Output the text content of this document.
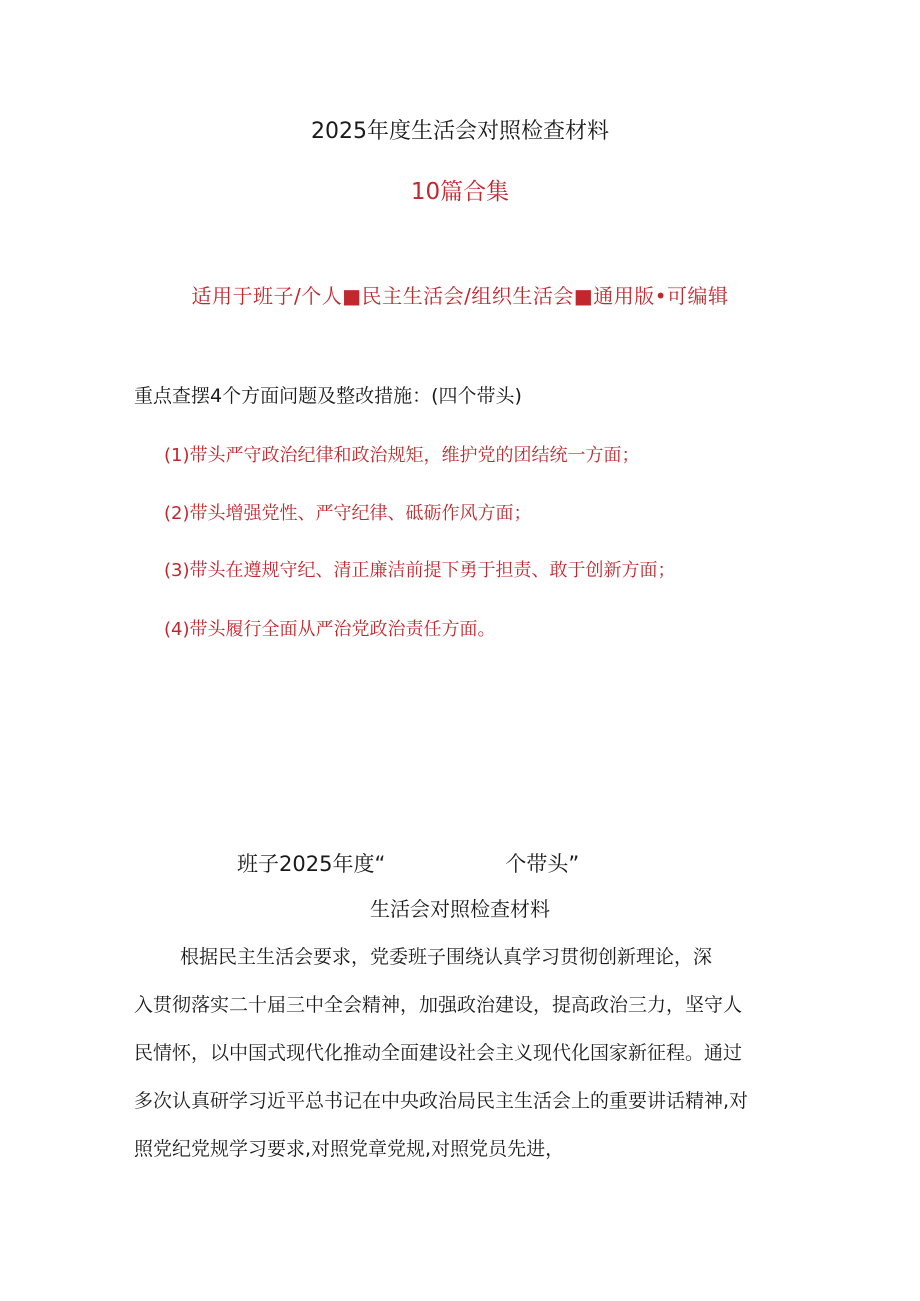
2025年度生活会对照检查材料
10篇合集
适用于班子/个人■民主生活会/组织生活会■通用版•可编辑
重点查摆4个方面问题及整改措施：(四个带头)
(1)带头严守政治纪律和政治规矩，维护党的团结统一方面；
(2)带头增强党性、严守纪律、砥砺作风方面；
(3)带头在遵规守纪、清正廉洁前提下勇于担责、敢于创新方面；
(4)带头履行全面从严治党政治责任方面。
班子2025年度“	个带头”
生活会对照检查材料
根据民主生活会要求，党委班子围绕认真学习贯彻创新理论，深
入贯彻落实二十届三中全会精神，加强政治建设，提高政治三力，坚守人
民情怀，以中国式现代化推动全面建设社会主义现代化国家新征程。通过
多次认真研学习近平总书记在中央政治局民主生活会上的重要讲话精神,对
照党纪党规学习要求,对照党章党规,对照党员先进，
